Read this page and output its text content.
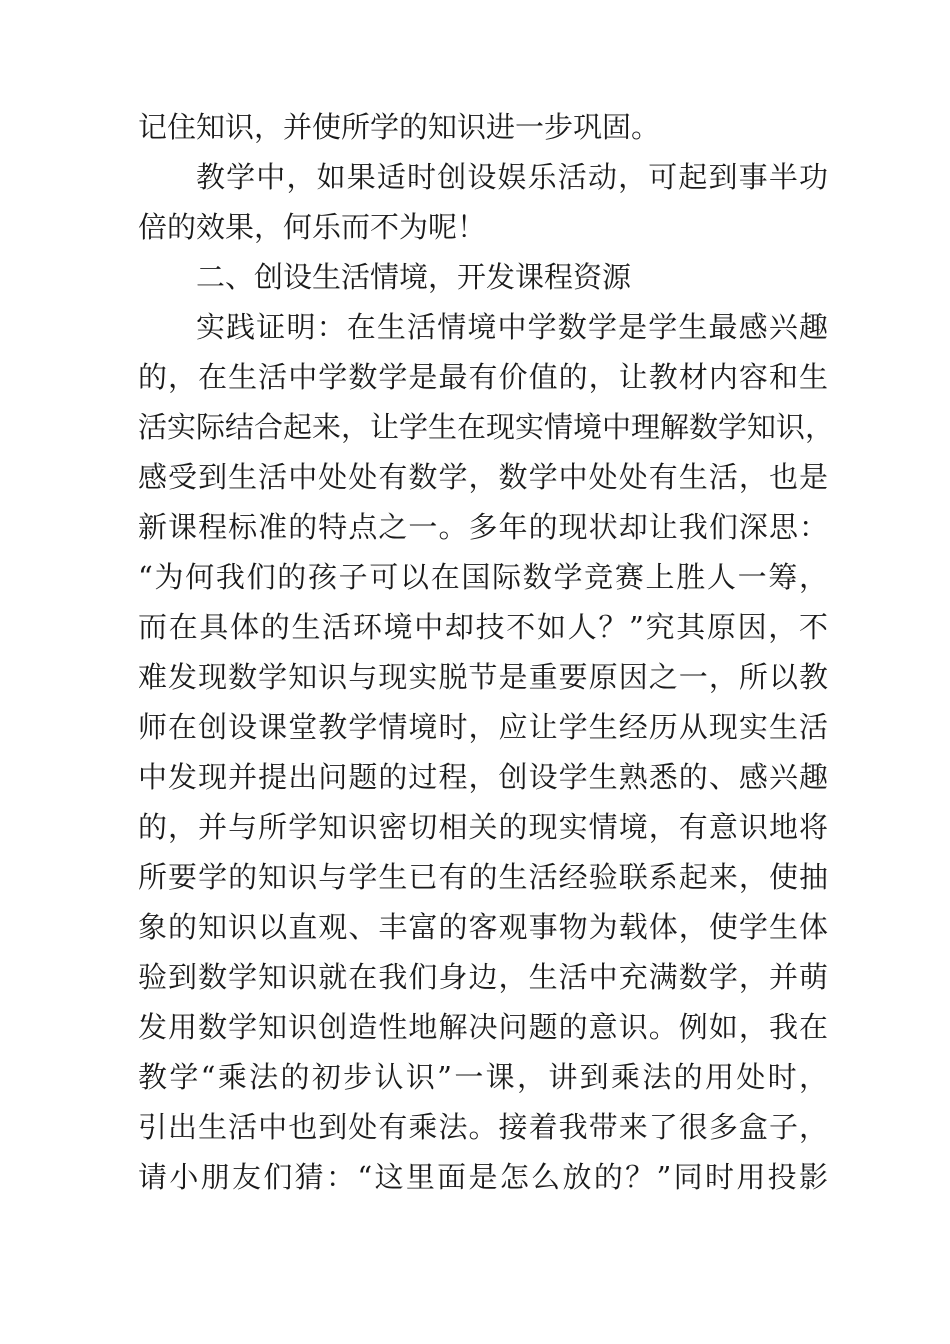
记住知识，并使所学的知识进一步巩固。
教学中，如果适时创设娱乐活动，可起到事半功
倍的效果，何乐而不为呢！
二、创设生活情境，开发课程资源
实践证明：在生活情境中学数学是学生最感兴趣
的，在生活中学数学是最有价值的，让教材内容和生
活实际结合起来，让学生在现实情境中理解数学知识，
感受到生活中处处有数学，数学中处处有生活，也是
新课程标准的特点之一。多年的现状却让我们深思：
“为何我们的孩子可以在国际数学竞赛上胜人一筹，
而在具体的生活环境中却技不如人？”究其原因，不
难发现数学知识与现实脱节是重要原因之一，所以教
师在创设课堂教学情境时，应让学生经历从现实生活
中发现并提出问题的过程，创设学生熟悉的、感兴趣
的，并与所学知识密切相关的现实情境，有意识地将
所要学的知识与学生已有的生活经验联系起来，使抽
象的知识以直观、丰富的客观事物为载体，使学生体
验到数学知识就在我们身边，生活中充满数学，并萌
发用数学知识创造性地解决问题的意识。例如，我在
教学“乘法的初步认识”一课，讲到乘法的用处时，
引出生活中也到处有乘法。接着我带来了很多盒子，
请小朋友们猜：“这里面是怎么放的？”同时用投影
